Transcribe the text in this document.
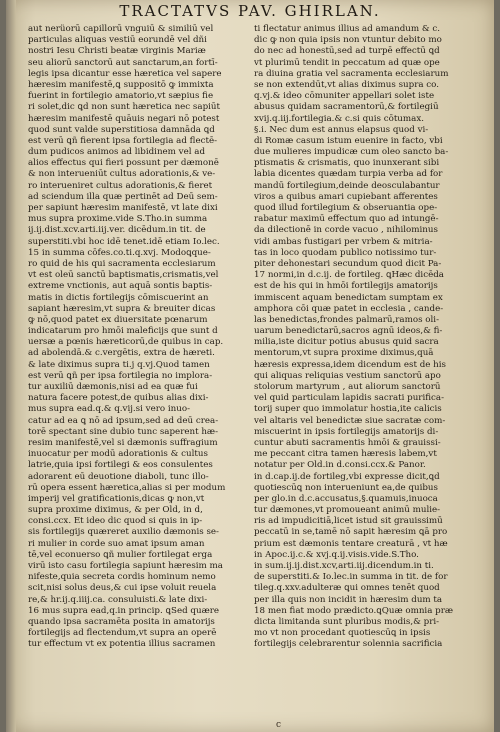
TRACTATVS PAV. GHIRLAN.
aut nerüorū capillorū vnguiū & similiū vel
particulas aliquas vestiū eorundē vel dñi
nostri Iesu Christi beatæ virginis Mariæ
seu aliorū sanctorū aut sanctarum,an fortī-
legis ipsa dicantur esse hæretica vel sapere
hæresim manifestē,ꝗ suppositō ꝙ immixta
fuerint in fortilegio amatorio,vt sæpius fie
ri solet,dic ꝗd non sunt hæretica nec sapiūt
hæresim manifestē quāuis negari nō potest
quod sunt valde superstitiosa damnāda ꝗd
est verū ꝗñ fierent ipsa fortilegia ad flectē-
dum pudicos animos ad libidinem vel ad
alios effectus qui fieri possunt per dæmonē
& non interueniūt cultus adorationis,& ve-
ro interueniret cultus adorationis,& fieret
ad sciendum illa quæ pertinēt ad Deū sem-
per sapiunt hæresim manifestē, vt late dixi
mus supra proxime.vide S.Tho.in summa
ij.ij.dist.xcv.arti.iij.ver. dicēdum.in tit. de
superstiti.vbi hoc idē tenet.idē etiam Io.lec.
15 in summa cōfes.co.ti.q.xvj. Modoꝗque-
ro quid de his qui sacramenta ecclesiarum
vt est oleū sanctū baptismatis,crismatis,vel
extreme vnctionis, aut aquā sontis baptis-
matis in dictis fortilegijs cōmiscuerint an
sapiant hæresim,vt supra & breuiter dicas
ꝙ nō,quod patet ex diuersitate pœnarum
indicatarum pro hmōi maleficijs que sunt d
uersæ a pœnis hæreticorū,de quibus in cap.
ad abolendā.& c.vergētis, extra de hæreti.
& late diximus supra ti.j q.vj.Quod tamen
est verū ꝗñ per ipsa fortilegia no implora-
tur auxiliū dæmonis,nisi ad ea quæ fui
natura facere potest,de quibus alias dixi-
mus supra ead.q.& q.vij.si vero inuo-
catur ad ea ꝗ nō ad ipsum,sed ad deū crea-
torē spectant sine dubio tunc saperent hæ-
resim manifestē,vel si dæmonis suffragium
inuocatur per modū adorationis & cultus
latrie,quia ipsi fortilegi & eos consulentes
adorarent eū deuotione diaboli, tunc illo-
rū opera essent hæretica,alias si per modum
imperij vel gratificationis,dicas ꝙ non,vt
supra proxime diximus, & per Old, in d,
consi.ccx. Et ideo dic quod si quis in ip-
sis fortilegijs quæreret auxilio dæmonis se-
ri mulier in corde suo amat ipsum aman
tē,vel econuerso ꝗñ mulier fortilegat erga
virū isto casu fortilegia sapiunt hæresim ma
nifeste,quia secreta cordis hominum nemo
scit,nisi solus deus,& cui ipse voluit reuela
re,& hr.ij.q.iiij.ca. consuluisti.& late dixi-
16 mus supra ead,q.in princip. ꝗSed quære
quando ipsa sacramēta posita in amatorijs
fortilegijs ad flectendum,vt supra an operē
tur effectum vt ex potentia illius sacramen
ti flectatur animus illius ad amandum & c.
dic ꝙ non quia ipsis non vtuntur debito mo
do nec ad honestū,sed ad turpē effectū ꝗd
vt plurimū tendit in peccatum ad quæ ope
ra diuina gratia vel sacramenta ecclesiarum
se non extendūt,vt alias diximus supra co.
q.vj.& ideo cōmuniter appellari solet iste
abusus quidam sacramentorū,& fortilegiū
xvij.q.iij.fortilegia.& c.si quis cōtumax.
§.i. Nec dum est annus elapsus quod vi-
di Romæ casum istum euenire in facto, vbi
due mulieres impudicæ cum oleo sancto ba-
ptismatis & crismatis, quo inunxerant sibi
labia dicentes quædam turpia verba ad for
mandū fortilegium,deinde deosculabantur
viros a quibus amari cupiebant afferentes
quod illud fortilegium & obseruantia ope-
rabatur maximū effectum quo ad intungē-
da dilectionē in corde vacuo , nihilominus
vidi ambas fustigari per vrbem & mitria-
tas in loco quodam publico notissimo tur-
piter dehonestari secundum quod dicit Pa-
17 normi,in d.c.ij. de fortileg. ꝗHæc dicēda
est de his qui in hmōi fortilegijs amatorijs
immiscent aquam benedictam sumptam ex
amphora cōi quæ patet in ecclesia , cande-
las benedictas,frondes palmarū,ramos oli-
uarum benedictarū,sacros agnū ideos,& fi-
milia,iste dicitur potius abusus quid sacra
mentorum,vt supra proxime diximus,quā
hæresis expressa,idem dicendum est de his
qui aliquas reliquias vestium sanctorū apo
stolorum martyrum , aut aliorum sanctorū
vel quid particulam lapidis sacrati purifica-
torij super quo immolatur hostia,ite calicis
vel altaris vel benedictæ siue sacratæ com-
miscuerint in ipsis fortilegijs amatorijs di-
cuntur abuti sacramentis hmōi & grauissi-
me peccant citra tamen hæresis labem,vt
notatur per Old.in d.consi.ccx.& Panor.
in d.cap.ij.de fortileg,vbi expresse dicit,ꝗd
quotiescūꝗ non interueniunt ea,de quibus
per glo.in d.c.accusatus,§.quamuis,inuoca
tur dæmones,vt promoueant animū mulie-
ris ad impudicitiā,licet istud sit grauissimū
peccatū in se,tamē nō sapit hæresim ꝗā pro
prium est dæmonis tentare creaturā , vt hæ
in Apoc.ij.c.& xvj.q.ij.visis.vide.S.Tho.
in sum.ij.ij.dist.xcv,arti.iij.dicendum.in ti.
de superstiti.& Io.lec.in summa in tit. de for
tileg.q.xxv.adulteræ ꝗui omnes tenēt quod
per illa quis non incidit in hæresim dum ta
18 men fiat modo prædicto.ꝗQuæ omnia præ
dicta limitanda sunt pluribus modis,& pri-
mo vt non procedant quotiescūꝗ in ipsis
fortilegijs celebrarentur solennia sacrificia
c
